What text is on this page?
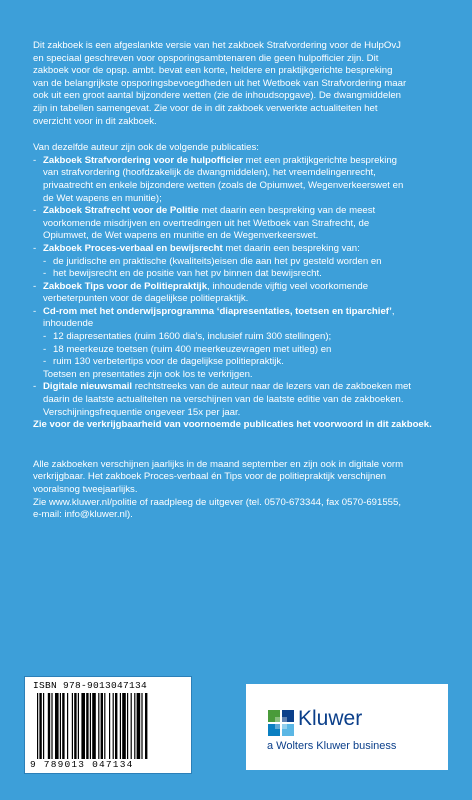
Dit zakboek is een afgeslankte versie van het zakboek Strafvordering voor de HulpOvJ
en speciaal geschreven voor opsporingsambtenaren die geen hulpofficier zijn. Dit
zakboek voor de opsp. ambt. bevat een korte, heldere en praktijkgerichte bespreking
van de belangrijkste opsporingsbevoegdheden uit het Wetboek van Strafvordering maar
ook uit een groot aantal bijzondere wetten (zie de inhoudsopgave). De dwangmiddelen
zijn in tabellen samengevat. Zie voor de in dit zakboek verwerkte actualiteiten het
overzicht voor in dit zakboek.
Van dezelfde auteur zijn ook de volgende publicaties:
- Zakboek Strafvordering voor de hulpofficier met een praktijkgerichte bespreking
van strafvordering (hoofdzakelijk de dwangmiddelen), het vreemdelingenrecht,
privaatrecht en enkele bijzondere wetten (zoals de Opiumwet, Wegenverkeerswet en
de Wet wapens en munitie);
- Zakboek Strafrecht voor de Politie met daarin een bespreking van de meest
voorkomende misdrijven en overtredingen uit het Wetboek van Strafrecht, de
Opiumwet, de Wet wapens en munitie en de Wegenverkeerswet.
- Zakboek Proces-verbaal en bewijsrecht met daarin een bespreking van:
- de juridische en praktische (kwaliteits)eisen die aan het pv gesteld worden en
- het bewijsrecht en de positie van het pv binnen dat bewijsrecht.
- Zakboek Tips voor de Politiepraktijk, inhoudende vijftig veel voorkomende
verbeterpunten voor de dagelijkse politiepraktijk.
- Cd-rom met het onderwijsprogramma ‘diapresentaties, toetsen en tiparchief’,
inhoudende
- 12 diapresentaties (ruim 1600 dia’s, inclusief ruim 300 stellingen);
- 18 meerkeuze toetsen (ruim 400 meerkeuzevragen met uitleg) en
- ruim 130 verbetertips voor de dagelijkse politiepraktijk.
Toetsen en presentaties zijn ook los te verkrijgen.
- Digitale nieuwsmail rechtstreeks van de auteur naar de lezers van de zakboeken met
daarin de laatste actualiteiten na verschijnen van de laatste editie van de zakboeken.
Verschijningsfrequentie ongeveer 15x per jaar.
Zie voor de verkrijgbaarheid van voornoemde publicaties het voorwoord in dit zakboek.
Alle zakboeken verschijnen jaarlijks in de maand september en zijn ook in digitale vorm
verkrijgbaar. Het zakboek Proces-verbaal én Tips voor de politiepraktijk verschijnen
vooralsnog tweejaarlijks.
Zie www.kluwer.nl/politie of raadpleeg de uitgever (tel. 0570-673344, fax 0570-691555,
e-mail: info@kluwer.nl).
ISBN 978-9013047134
9 789013 047134
Kluwer
a Wolters Kluwer business
